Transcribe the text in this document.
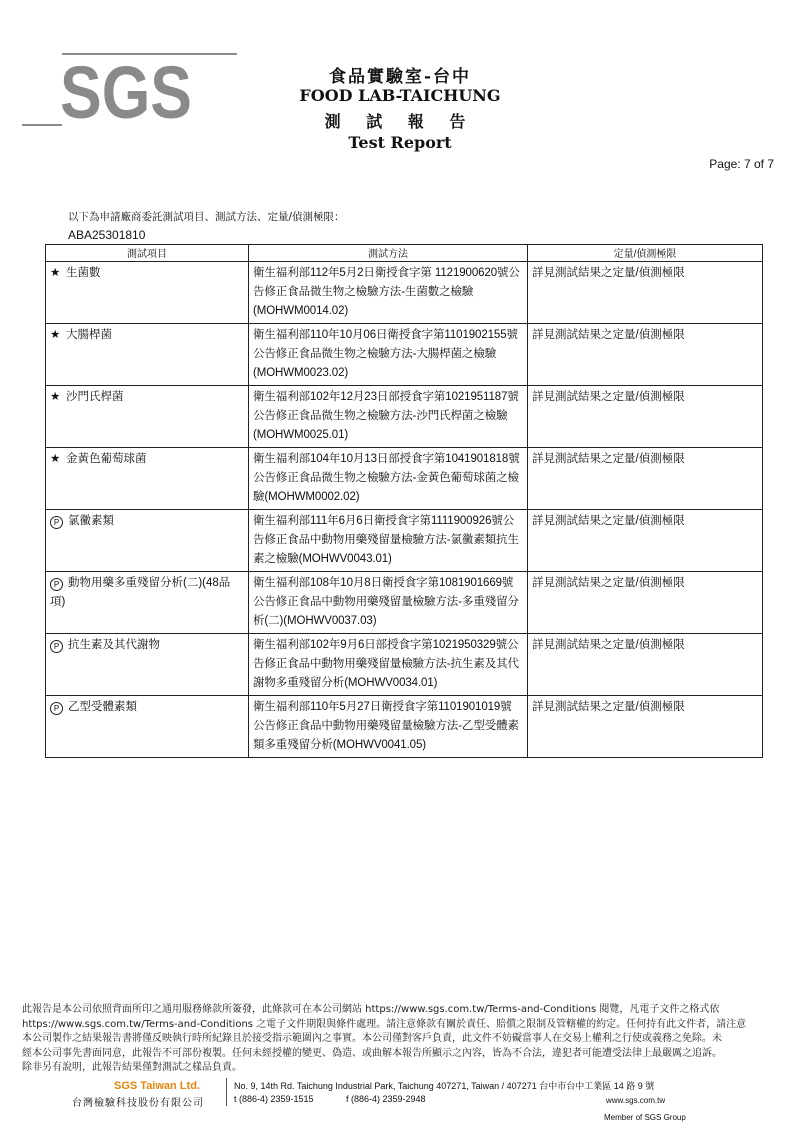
SGS	食品實驗室-台中
FOOD LAB-TAICHUNG
測 試 報 告
Test Report
Page: 7 of 7
以下為申請廠商委託測試項目、測試方法、定量/偵測極限：
ABA25301810
測試項目	測試方法	定量/偵測極限
★ 生菌數	衛生福利部112年5月2日衛授食字第 1121900620號公告修正食品微生物之檢驗方法-生菌數之檢驗(MOHWM0014.02)	詳見測試結果之定量/偵測極限
★ 大腸桿菌	衛生福利部110年10月06日衛授食字第1101902155號公告修正食品微生物之檢驗方法-大腸桿菌之檢驗(MOHWM0023.02)	詳見測試結果之定量/偵測極限
★ 沙門氏桿菌	衛生福利部102年12月23日部授食字第1021951187號公告修正食品微生物之檢驗方法-沙門氏桿菌之檢驗(MOHWM0025.01)	詳見測試結果之定量/偵測極限
★ 金黃色葡萄球菌	衛生福利部104年10月13日部授食字第1041901818號公告修正食品微生物之檢驗方法-金黃色葡萄球菌之檢驗(MOHWM0002.02)	詳見測試結果之定量/偵測極限
P 氯黴素類	衛生福利部111年6月6日衛授食字第1111900926號公告修正食品中動物用藥殘留量檢驗方法-氯黴素類抗生素之檢驗(MOHWV0043.01)	詳見測試結果之定量/偵測極限
P 動物用藥多重殘留分析(二)(48品項)	衛生福利部108年10月8日衛授食字第1081901669號公告修正食品中動物用藥殘留量檢驗方法-多重殘留分析(二)(MOHWV0037.03)	詳見測試結果之定量/偵測極限
P 抗生素及其代謝物	衛生福利部102年9月6日部授食字第1021950329號公告修正食品中動物用藥殘留量檢驗方法-抗生素及其代謝物多重殘留分析(MOHWV0034.01)	詳見測試結果之定量/偵測極限
P 乙型受體素類	衛生福利部110年5月27日衛授食字第1101901019號公告修正食品中動物用藥殘留量檢驗方法-乙型受體素類多重殘留分析(MOHWV0041.05)	詳見測試結果之定量/偵測極限
此報告是本公司依照背面所印之通用服務條款所簽發，此條款可在本公司網站 https://www.sgs.com.tw/Terms-and-Conditions 閱覽，凡電子文件之格式依
https://www.sgs.com.tw/Terms-and-Conditions 之電子文件期限與條件處理。請注意條款有關於責任、賠償之限制及管轄權的約定。任何持有此文件者，請注意
本公司製作之結果報告書將僅反映執行時所紀錄且於接受指示範圍內之事實。本公司僅對客戶負責，此文件不妨礙當事人在交易上權利之行使或義務之免除。未
經本公司事先書面同意，此報告不可部份複製。任何未經授權的變更、偽造、或曲解本報告所顯示之內容，皆為不合法，違犯者可能遭受法律上最嚴厲之追訴。
除非另有說明，此報告結果僅對測試之樣品負責。
SGS Taiwan Ltd.
台灣檢驗科技股份有限公司
No. 9, 14th Rd. Taichung Industrial Park, Taichung 407271, Taiwan / 407271 台中市台中工業區 14 路 9 號
t (886-4) 2359-1515	f (886-4) 2359-2948	www.sgs.com.tw
Member of SGS Group
